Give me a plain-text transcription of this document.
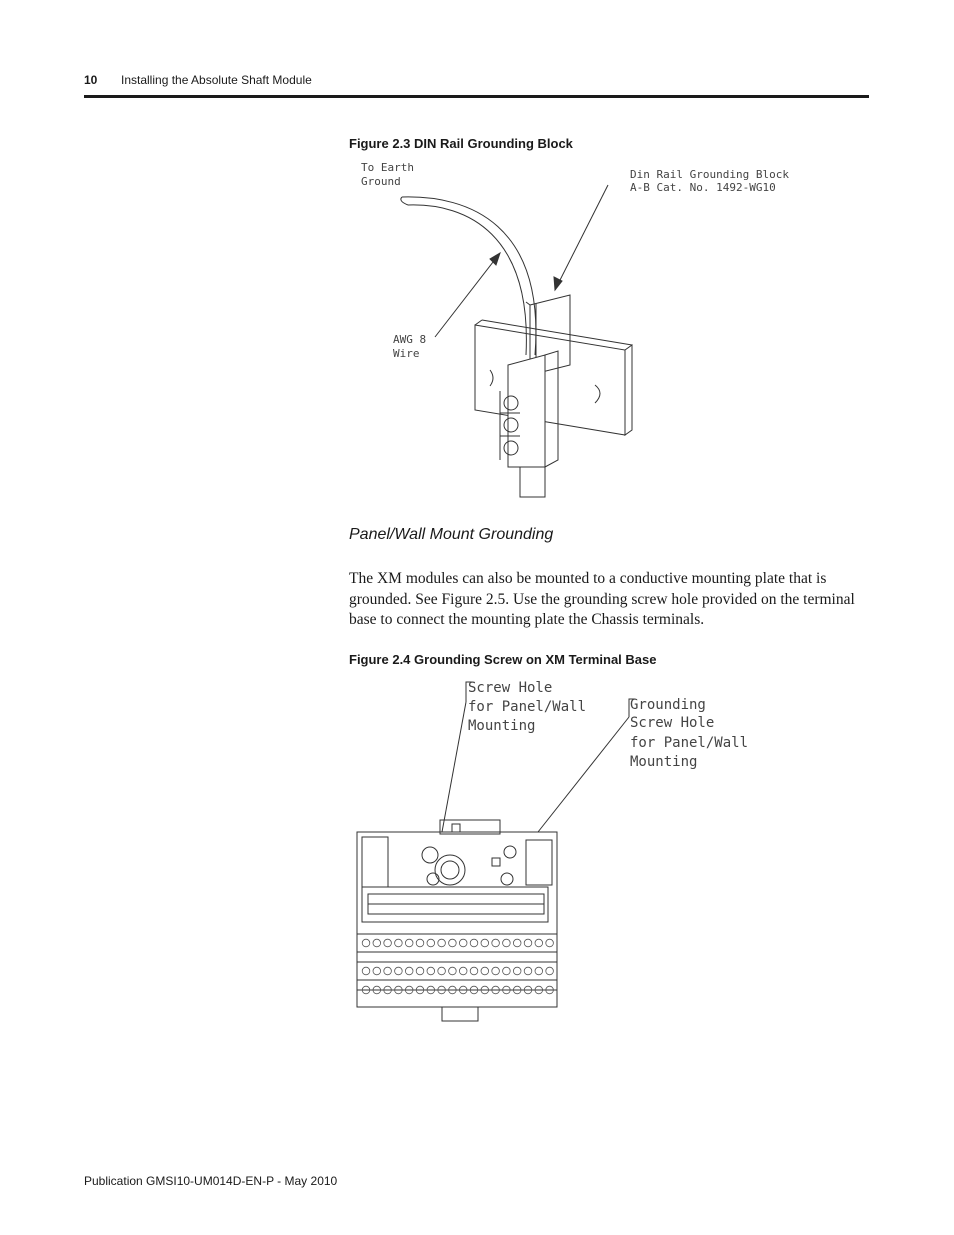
10 Installing the Absolute Shaft Module
Figure 2.3 DIN Rail Grounding Block
To Earth
Ground
Din Rail Grounding Block
A-B Cat. No. 1492-WG10
AWG 8
Wire
Panel/Wall Mount Grounding
The XM modules can also be mounted to a conductive mounting plate that is grounded. See Figure 2.5. Use the grounding screw hole provided on the terminal base to connect the mounting plate the Chassis terminals.
Figure 2.4 Grounding Screw on XM Terminal Base
Screw Hole
for Panel/Wall
Mounting
Grounding
Screw Hole
for Panel/Wall
Mounting
Publication GMSI10-UM014D-EN-P - May 2010
